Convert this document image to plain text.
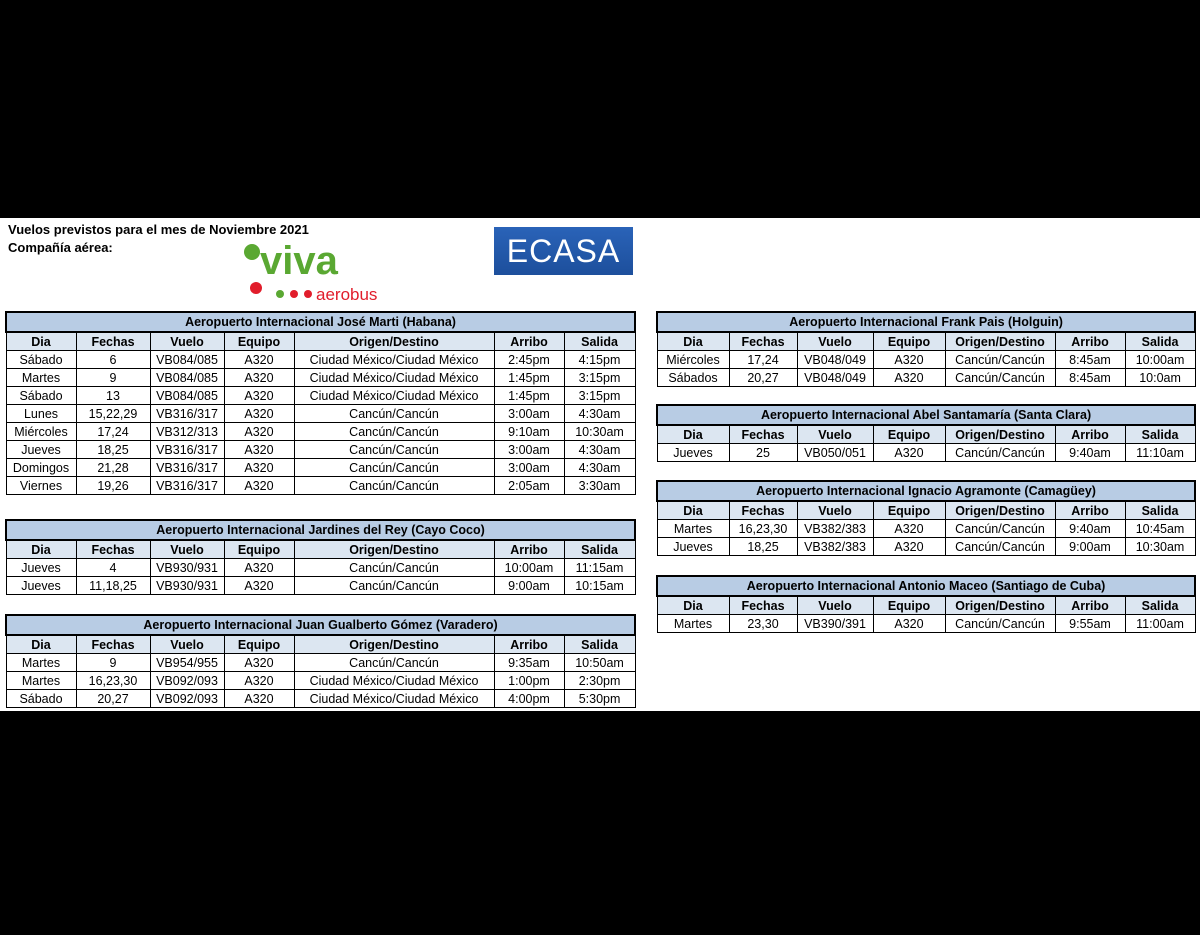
Vuelos previstos para el mes de Noviembre 2021
Compañía aérea:	viva
aerobus
ECASA
Aeropuerto Internacional José Marti (Habana)						
Dia	Fechas	Vuelo	Equipo	Origen/Destino	Arribo	Salida
Sábado	6	VB084/085	A320	Ciudad México/Ciudad México	2:45pm	4:15pm
Martes	9	VB084/085	A320	Ciudad México/Ciudad México	1:45pm	3:15pm
Sábado	13	VB084/085	A320	Ciudad México/Ciudad México	1:45pm	3:15pm
Lunes	15,22,29	VB316/317	A320	Cancún/Cancún	3:00am	4:30am
Miércoles	17,24	VB312/313	A320	Cancún/Cancún	9:10am	10:30am
Jueves	18,25	VB316/317	A320	Cancún/Cancún	3:00am	4:30am
Domingos	21,28	VB316/317	A320	Cancún/Cancún	3:00am	4:30am
Viernes	19,26	VB316/317	A320	Cancún/Cancún	2:05am	3:30am
Aeropuerto Internacional Jardines del Rey (Cayo Coco)						
Dia	Fechas	Vuelo	Equipo	Origen/Destino	Arribo	Salida
Jueves	4	VB930/931	A320	Cancún/Cancún	10:00am	11:15am
Jueves	11,18,25	VB930/931	A320	Cancún/Cancún	9:00am	10:15am
Aeropuerto Internacional Juan Gualberto Gómez (Varadero)						
Dia	Fechas	Vuelo	Equipo	Origen/Destino	Arribo	Salida
Martes	9	VB954/955	A320	Cancún/Cancún	9:35am	10:50am
Martes	16,23,30	VB092/093	A320	Ciudad México/Ciudad México	1:00pm	2:30pm
Sábado	20,27	VB092/093	A320	Ciudad México/Ciudad México	4:00pm	5:30pm
Aeropuerto Internacional Frank Pais (Holguin)						
Dia	Fechas	Vuelo	Equipo	Origen/Destino	Arribo	Salida
Miércoles	17,24	VB048/049	A320	Cancún/Cancún	8:45am	10:00am
Sábados	20,27	VB048/049	A320	Cancún/Cancún	8:45am	10:0am
Aeropuerto Internacional Abel Santamaría (Santa Clara)						
Dia	Fechas	Vuelo	Equipo	Origen/Destino	Arribo	Salida
Jueves	25	VB050/051	A320	Cancún/Cancún	9:40am	11:10am
Aeropuerto Internacional Ignacio Agramonte (Camagüey)						
Dia	Fechas	Vuelo	Equipo	Origen/Destino	Arribo	Salida
Martes	16,23,30	VB382/383	A320	Cancún/Cancún	9:40am	10:45am
Jueves	18,25	VB382/383	A320	Cancún/Cancún	9:00am	10:30am
Aeropuerto Internacional Antonio Maceo (Santiago de Cuba)						
Dia	Fechas	Vuelo	Equipo	Origen/Destino	Arribo	Salida
Martes	23,30	VB390/391	A320	Cancún/Cancún	9:55am	11:00am
